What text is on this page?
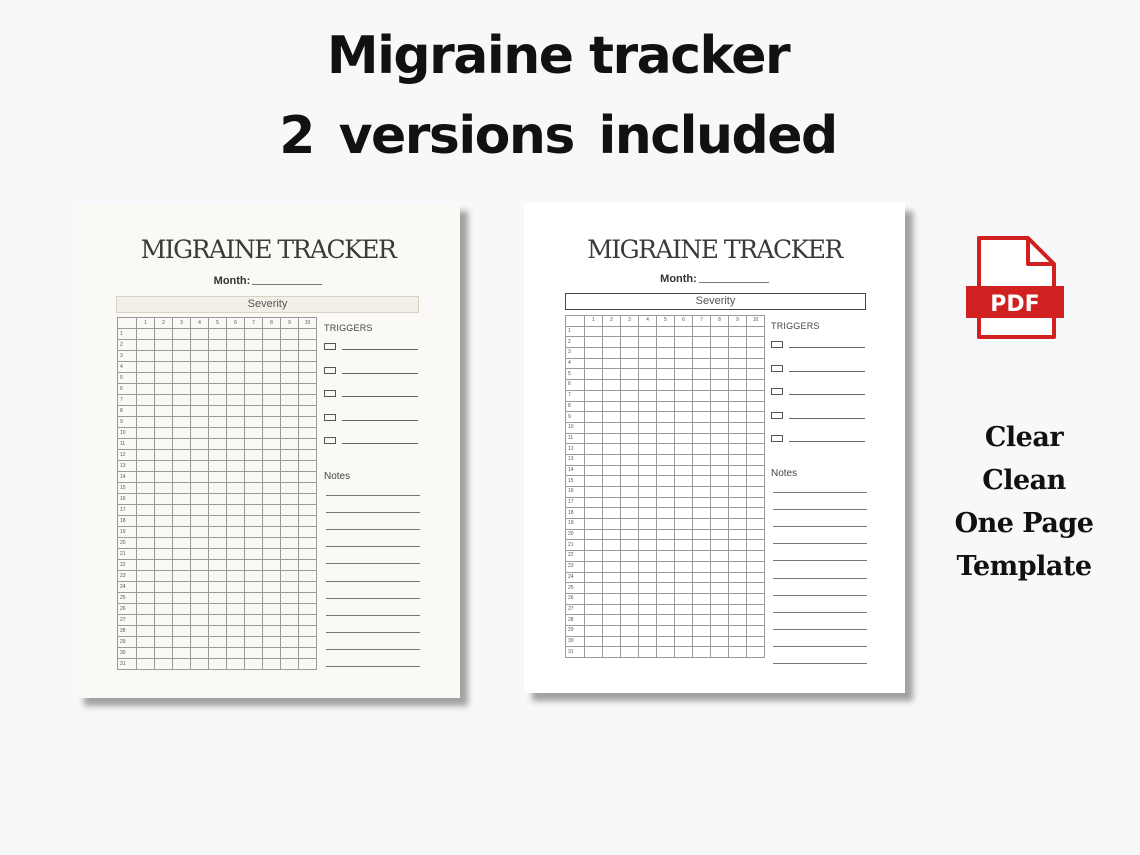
Migraine tracker
2 versions included
MIGRAINE TRACKER
Month:
Severity
	1	2	3	4	5	6	7	8	9	10
1										
2										
3										
4										
5										
6										
7										
8										
9										
10										
11										
12										
13										
14										
15										
16										
17										
18										
19										
20										
21										
22										
23										
24										
25										
26										
27										
28										
29										
30										
31										
TRIGGERS
Notes
MIGRAINE TRACKER
Month:
Severity
	1	2	3	4	5	6	7	8	9	10
1										
2										
3										
4										
5										
6										
7										
8										
9										
10										
11										
12										
13										
14										
15										
16										
17										
18										
19										
20										
21										
22										
23										
24										
25										
26										
27										
28										
29										
30										
31										
TRIGGERS
Notes
PDF
Clear
Clean
One Page
Template
